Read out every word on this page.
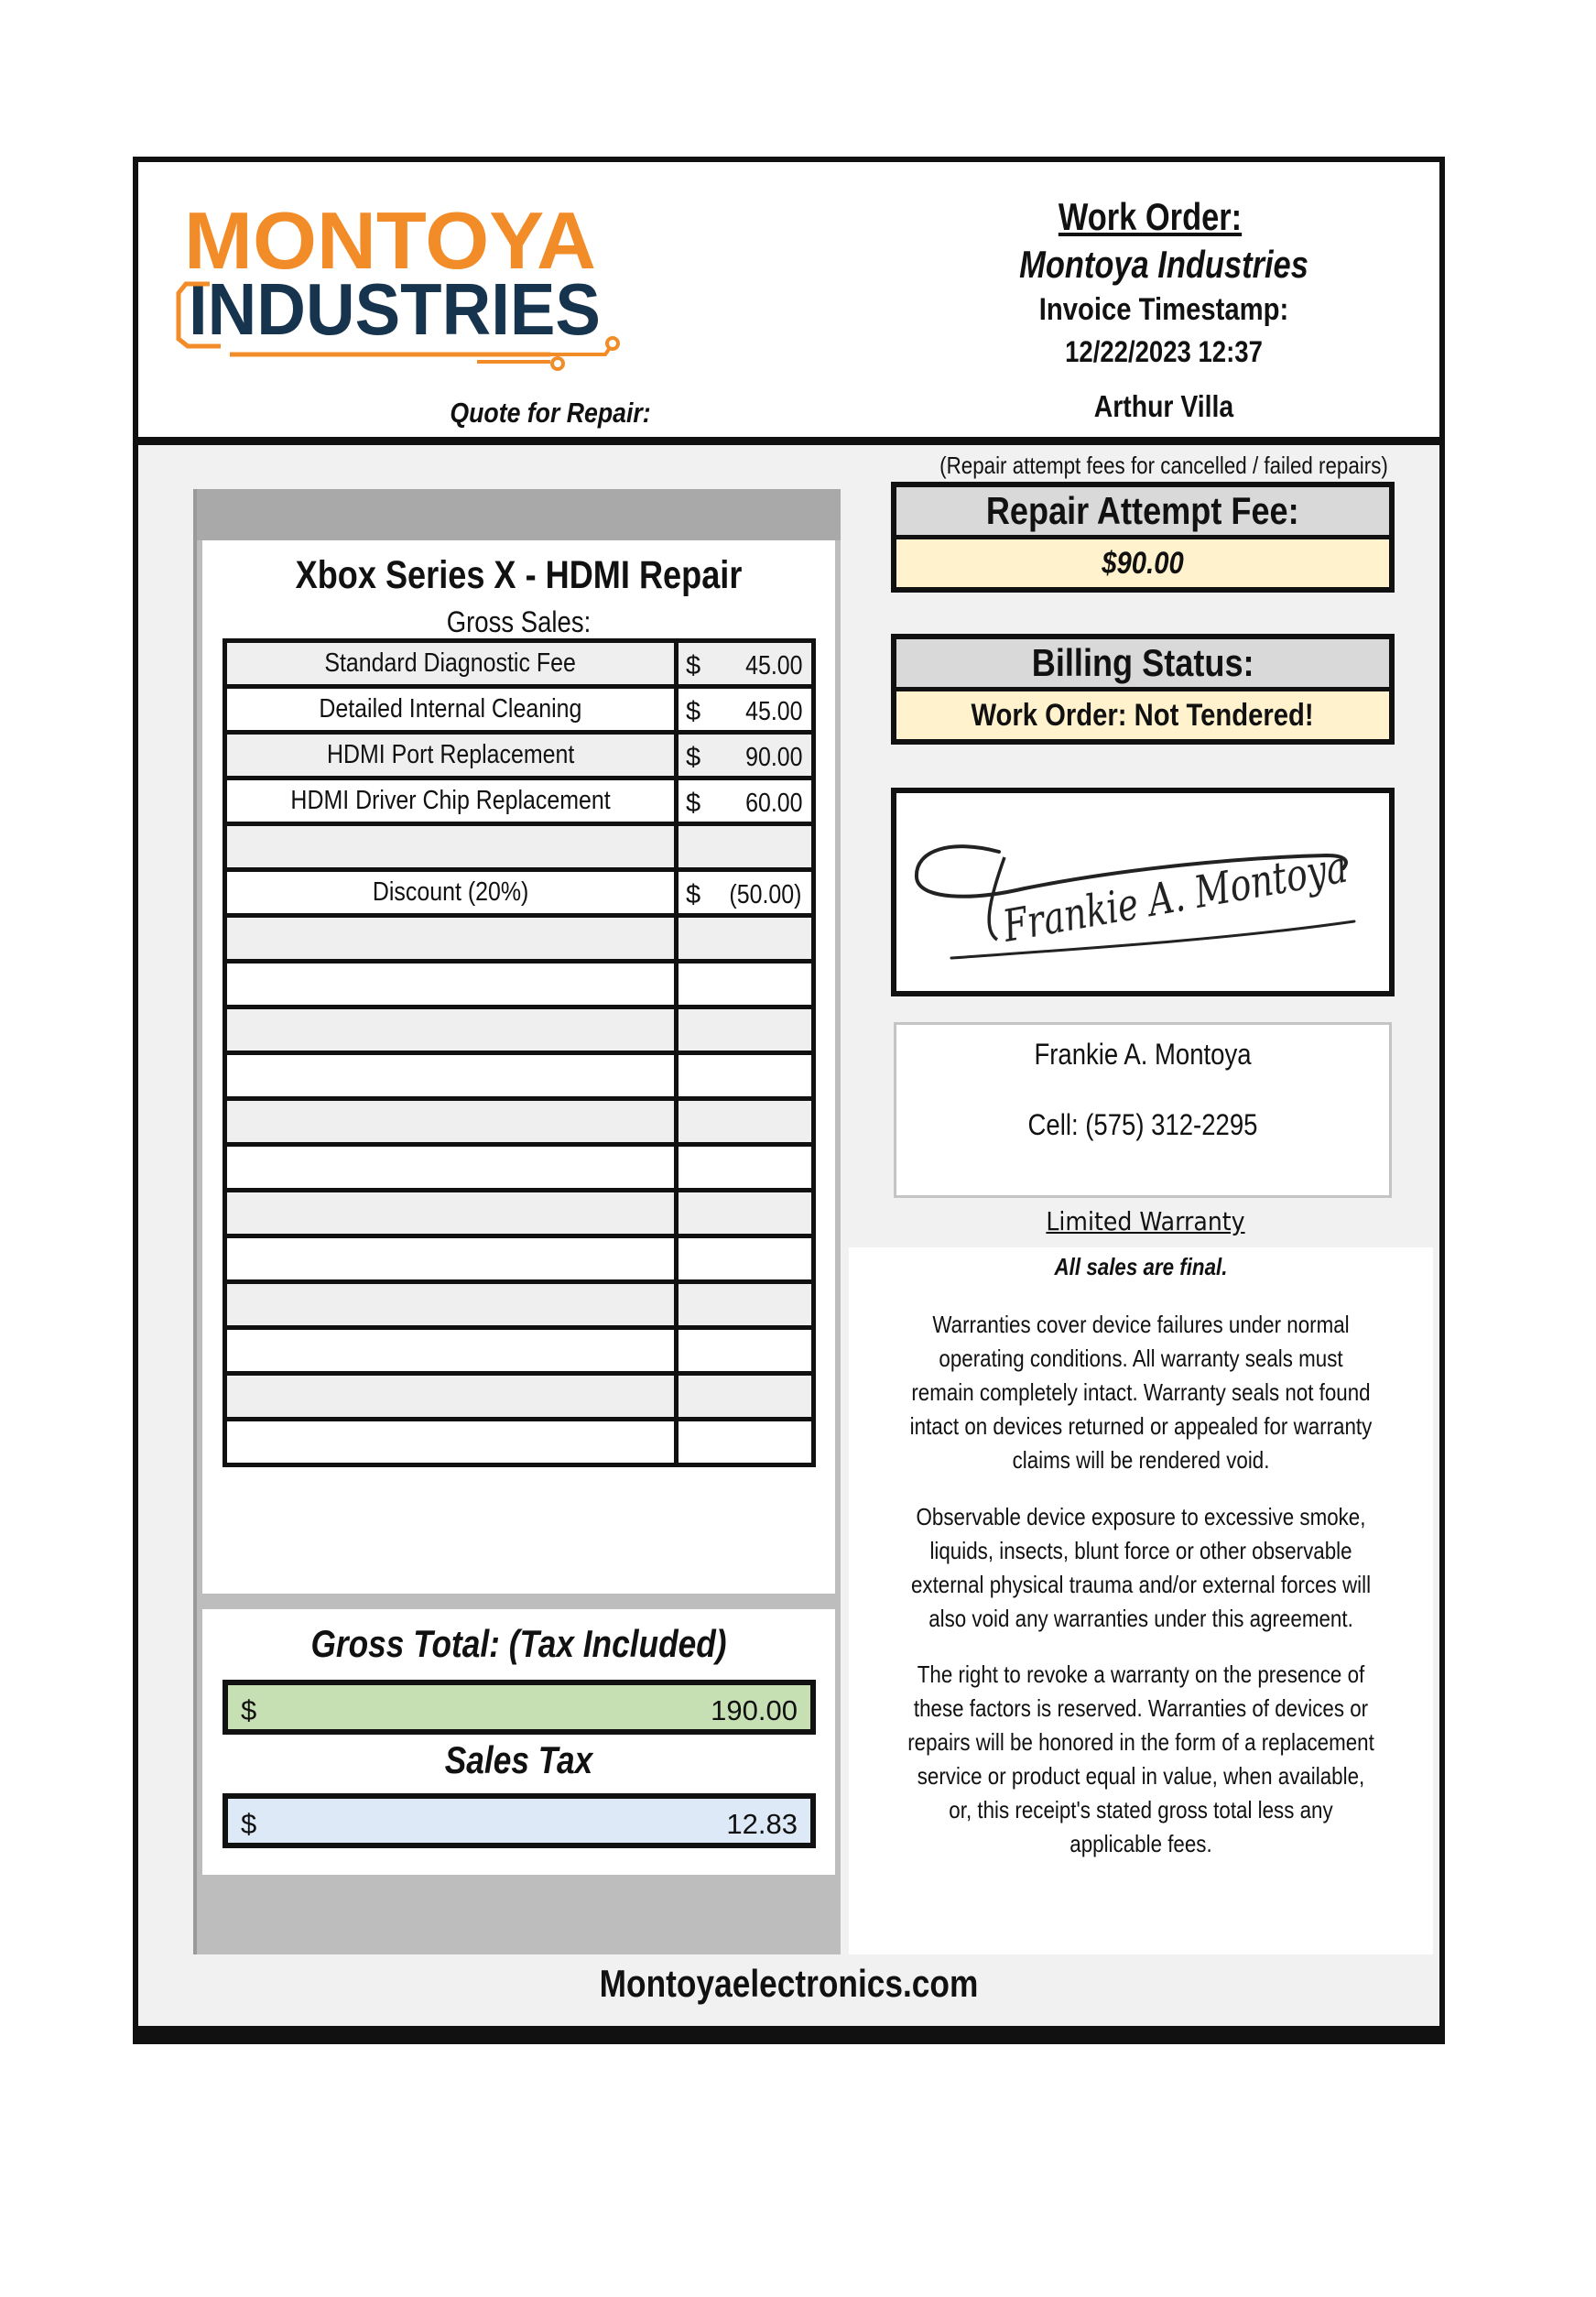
MONTOYA
INDUSTRIES
Quote for Repair:
Work Order:
Montoya Industries
Invoice Timestamp:
12/22/2023 12:37
Arthur Villa
Xbox Series X - HDMI Repair
Gross Sales:
Standard Diagnostic Fee	$ 45.00

Detailed Internal Cleaning	$ 45.00

HDMI Port Replacement	$ 90.00

HDMI Driver Chip Replacement	$ 60.00

Discount (20%)	$ (50.00)

Gross Total: (Tax Included)
$	190.00
Sales Tax
$	12.83
(Repair attempt fees for cancelled / failed repairs)
Repair Attempt Fee:
$90.00
Billing Status:
Work Order: Not Tendered!
Frankie A. Montoya
Frankie A. Montoya
Cell: (575) 312-2295
Limited Warranty
All sales are final.
Warranties cover device failures under normal operating conditions. All warranty seals must remain completely intact. Warranty seals not found intact on devices returned or appealed for warranty claims will be rendered void.
Observable device exposure to excessive smoke, liquids, insects, blunt force or other observable external physical trauma and/or external forces will also void any warranties under this agreement.
The right to revoke a warranty on the presence of these factors is reserved. Warranties of devices or repairs will be honored in the form of a replacement service or product equal in value, when available, or, this receipt's stated gross total less any applicable fees.
Montoyaelectronics.com
